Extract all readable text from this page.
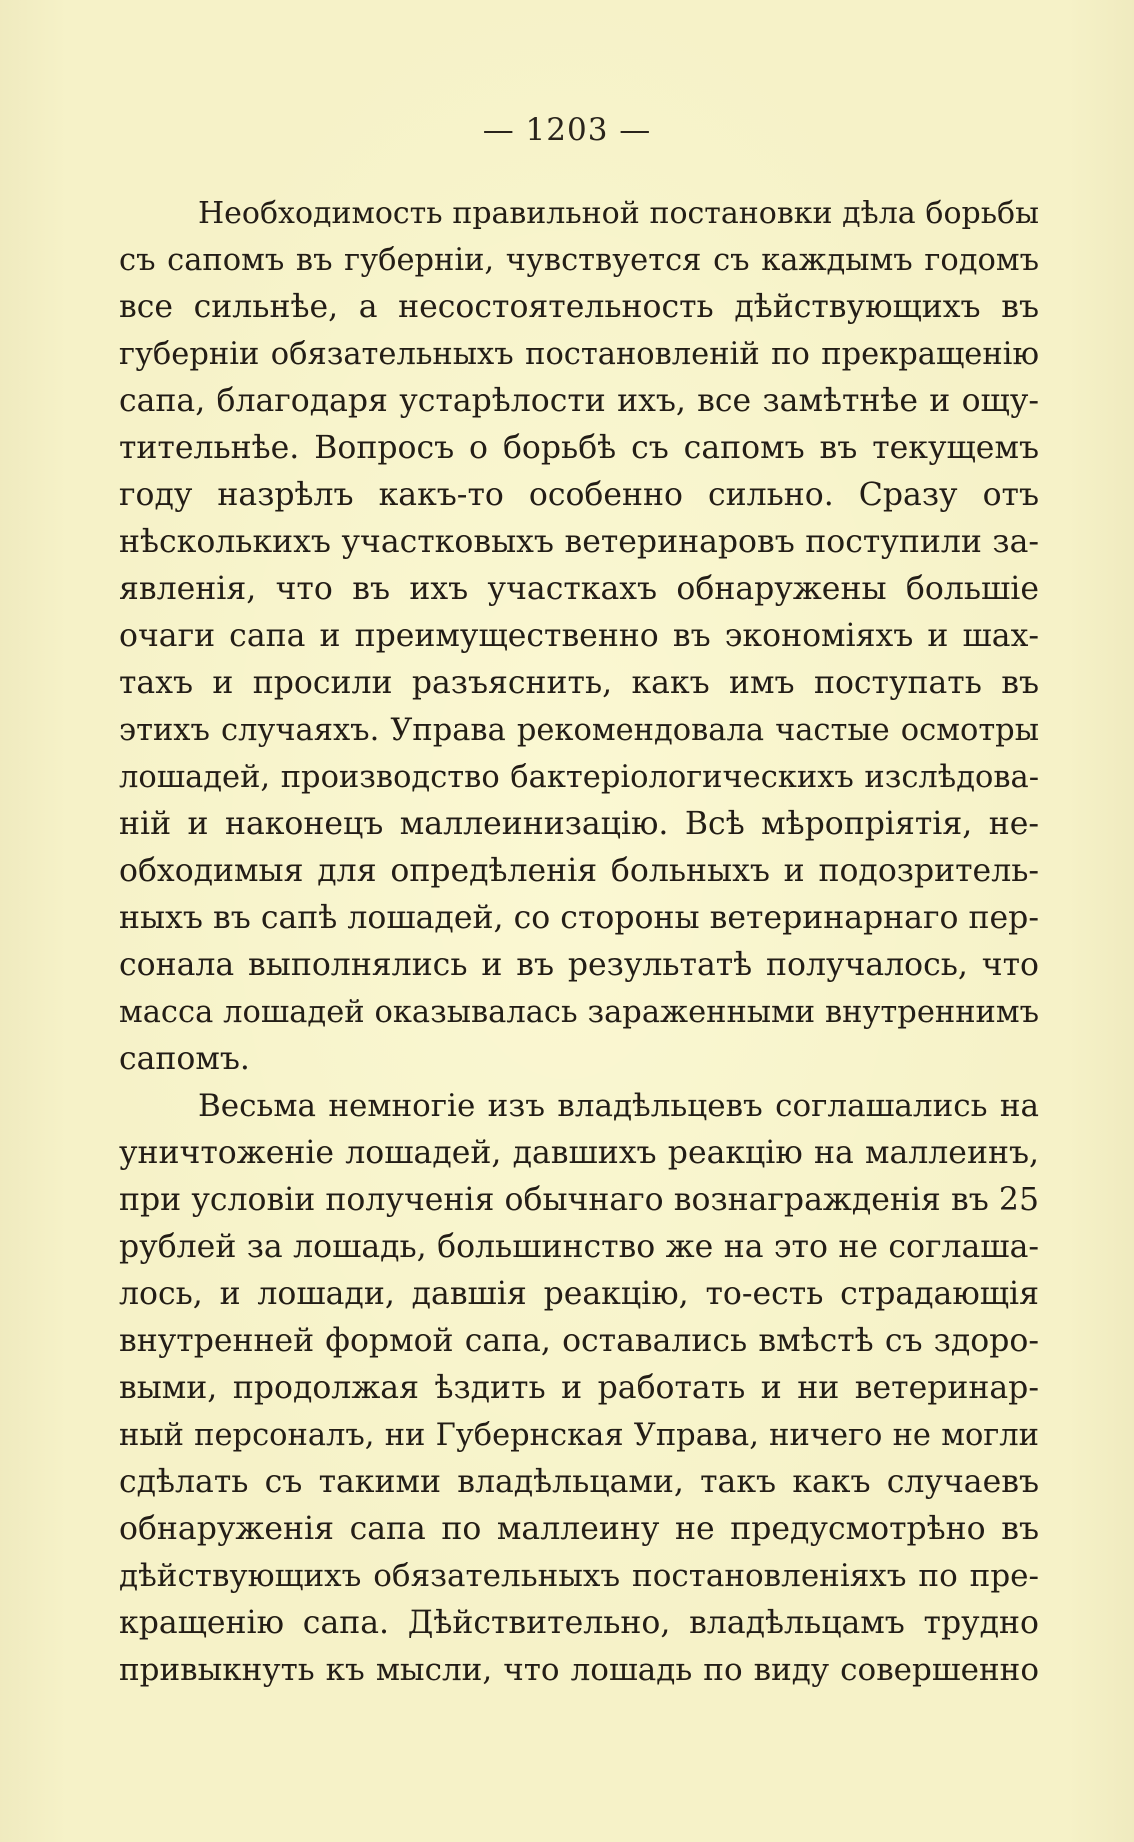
— 1203 —
Необходимость правильной постановки дѣла борьбы
съ сапомъ въ губерніи, чувствуется съ каждымъ годомъ
все сильнѣе, а несостоятельность дѣйствующихъ въ
губерніи обязательныхъ постановленій по прекращенію
сапа, благодаря устарѣлости ихъ, все замѣтнѣе и ощу-
тительнѣе. Вопросъ о борьбѣ съ сапомъ въ текущемъ
году назрѣлъ какъ-то особенно сильно. Сразу отъ
нѣсколькихъ участковыхъ ветеринаровъ поступили за-
явленія, что въ ихъ участкахъ обнаружены большіе
очаги сапа и преимущественно въ экономіяхъ и шах-
тахъ и просили разъяснить, какъ имъ поступать въ
этихъ случаяхъ. Управа рекомендовала частые осмотры
лошадей, производство бактеріологическихъ изслѣдова-
ній и наконецъ маллеинизацію. Всѣ мѣропріятія, не-
обходимыя для опредѣленія больныхъ и подозритель-
ныхъ въ сапѣ лошадей, со стороны ветеринарнаго пер-
сонала выполнялись и въ результатѣ получалось, что
масса лошадей оказывалась зараженными внутреннимъ
сапомъ.
Весьма немногіе изъ владѣльцевъ соглашались на
уничтоженіе лошадей, давшихъ реакцію на маллеинъ,
при условіи полученія обычнаго вознагражденія въ 25
рублей за лошадь, большинство же на это не соглаша-
лось, и лошади, давшія реакцію, то-есть страдающія
внутренней формой сапа, оставались вмѣстѣ съ здоро-
выми, продолжая ѣздить и работать и ни ветеринар-
ный персоналъ, ни Губернская Управа, ничего не могли
сдѣлать съ такими владѣльцами, такъ какъ случаевъ
обнаруженія сапа по маллеину не предусмотрѣно въ
дѣйствующихъ обязательныхъ постановленіяхъ по пре-
кращенію сапа. Дѣйствительно, владѣльцамъ трудно
привыкнуть къ мысли, что лошадь по виду совершенно
